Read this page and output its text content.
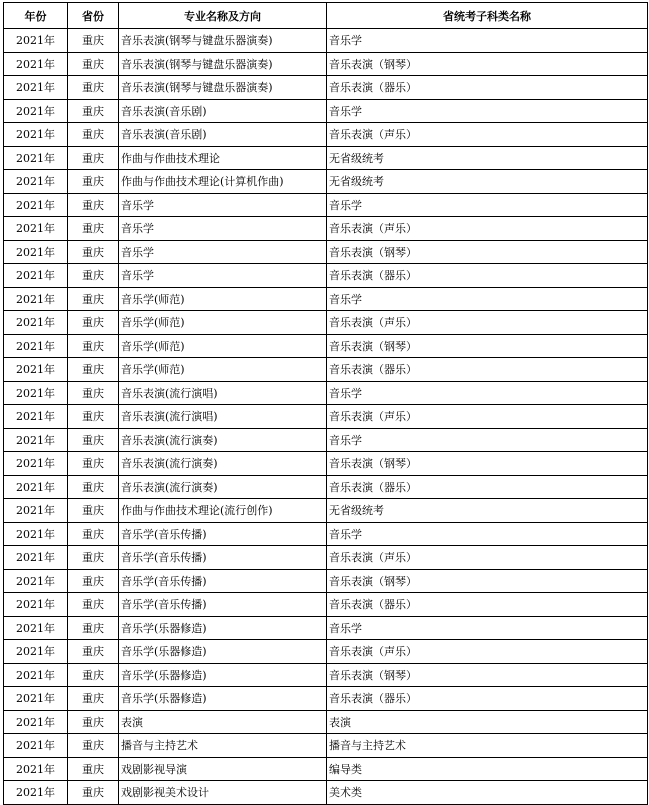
年份	省份	专业名称及方向	省统考子科类名称
2021年	重庆	音乐表演(钢琴与键盘乐器演奏)	音乐学
2021年	重庆	音乐表演(钢琴与键盘乐器演奏)	音乐表演（钢琴）
2021年	重庆	音乐表演(钢琴与键盘乐器演奏)	音乐表演（器乐）
2021年	重庆	音乐表演(音乐剧)	音乐学
2021年	重庆	音乐表演(音乐剧)	音乐表演（声乐）
2021年	重庆	作曲与作曲技术理论	无省级统考
2021年	重庆	作曲与作曲技术理论(计算机作曲)	无省级统考
2021年	重庆	音乐学	音乐学
2021年	重庆	音乐学	音乐表演（声乐）
2021年	重庆	音乐学	音乐表演（钢琴）
2021年	重庆	音乐学	音乐表演（器乐）
2021年	重庆	音乐学(师范)	音乐学
2021年	重庆	音乐学(师范)	音乐表演（声乐）
2021年	重庆	音乐学(师范)	音乐表演（钢琴）
2021年	重庆	音乐学(师范)	音乐表演（器乐）
2021年	重庆	音乐表演(流行演唱)	音乐学
2021年	重庆	音乐表演(流行演唱)	音乐表演（声乐）
2021年	重庆	音乐表演(流行演奏)	音乐学
2021年	重庆	音乐表演(流行演奏)	音乐表演（钢琴）
2021年	重庆	音乐表演(流行演奏)	音乐表演（器乐）
2021年	重庆	作曲与作曲技术理论(流行创作)	无省级统考
2021年	重庆	音乐学(音乐传播)	音乐学
2021年	重庆	音乐学(音乐传播)	音乐表演（声乐）
2021年	重庆	音乐学(音乐传播)	音乐表演（钢琴）
2021年	重庆	音乐学(音乐传播)	音乐表演（器乐）
2021年	重庆	音乐学(乐器修造)	音乐学
2021年	重庆	音乐学(乐器修造)	音乐表演（声乐）
2021年	重庆	音乐学(乐器修造)	音乐表演（钢琴）
2021年	重庆	音乐学(乐器修造)	音乐表演（器乐）
2021年	重庆	表演	表演
2021年	重庆	播音与主持艺术	播音与主持艺术
2021年	重庆	戏剧影视导演	编导类
2021年	重庆	戏剧影视美术设计	美术类
